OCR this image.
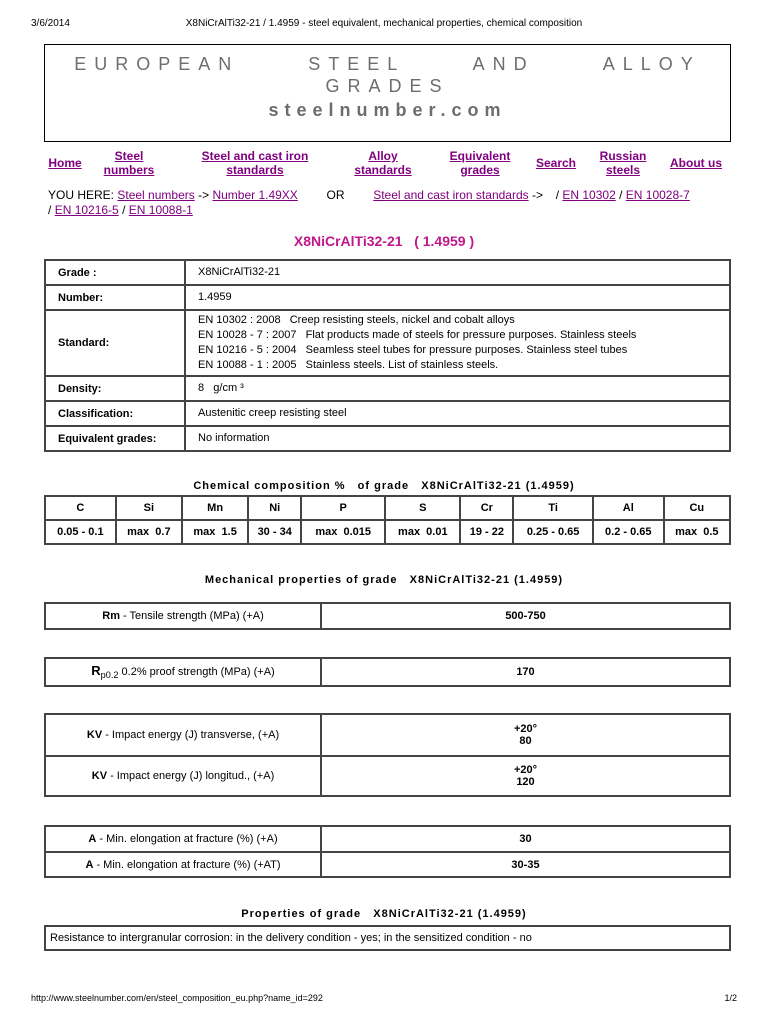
3/6/2014	X8NiCrAlTi32-21 / 1.4959 - steel equivalent, mechanical properties, chemical composition
EUROPEAN	STEEL	AND	ALLOY
GRADES
steelnumber.com
Home	Steel
numbers
Steel and cast iron
standards
Alloy
standards
Equivalent
grades	Search	Russian
steels	About us
YOU HERE: Steel numbers -> Number 1.49XX OR Steel and cast iron standards -> / EN 10302 / EN 10028-7
/ EN 10216-5 / EN 10088-1
X8NiCrAlTi32-21   ( 1.4959 )
Grade :	X8NiCrAlTi32-21
Number:	1.4959
Standard:	EN 10302 : 2008   Creep resisting steels, nickel and cobalt alloys
EN 10028 - 7 : 2007   Flat products made of steels for pressure purposes. Stainless steels
EN 10216 - 5 : 2004   Seamless steel tubes for pressure purposes. Stainless steel tubes
EN 10088 - 1 : 2005   Stainless steels. List of stainless steels.

Density:	8   g/cm ³
Classification:	Austenitic creep resisting steel
Equivalent grades:	No information
Chemical composition %   of grade   X8NiCrAlTi32-21 (1.4959)
C	Si	Mn	Ni	P	S	Cr	Ti	Al	Cu
0.05 - 0.1	max  0.7	max  1.5	30 - 34	max  0.015	max  0.01	19 - 22	0.25 - 0.65	0.2 - 0.65	max  0.5
Mechanical properties of grade   X8NiCrAlTi32-21 (1.4959)
Rm - Tensile strength (MPa) (+A)	500-750
$R_{p0.2}$ 0.2% proof strength (MPa) (+A)	170
KV - Impact energy (J) transverse, (+A)	+20°
80

KV - Impact energy (J) longitud., (+A)	+20°
120
A - Min. elongation at fracture (%) (+A)	30
A - Min. elongation at fracture (%) (+AT)	30-35
Properties of grade   X8NiCrAlTi32-21 (1.4959)
Resistance to intergranular corrosion: in the delivery condition - yes; in the sensitized condition - no
http://www.steelnumber.com/en/steel_composition_eu.php?name_id=292	1/2
